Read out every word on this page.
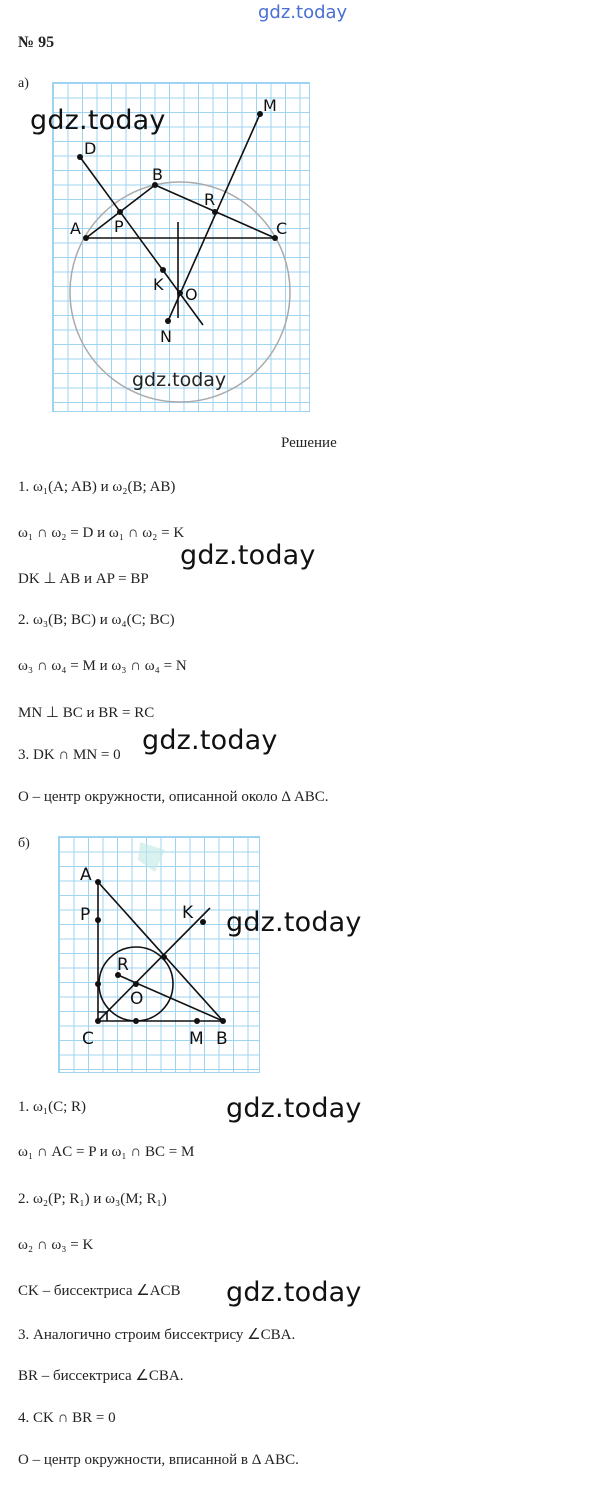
gdz.today
№ 95
а)
D
B
R
M
A P	C
K
O
N
gdz.today
gdz.today
Решение
1. ω₁(A; AB) и ω₂(B; AB)
ω₁ ∩ ω₂ = D и ω₁ ∩ ω₂ = K
DK ⊥ AB и AP = BP
2. ω₃(B; BC) и ω₄(C; BC)
ω₃ ∩ ω₄ = M и ω₃ ∩ ω₄ = N
MN ⊥ BC и BR = RC
3. DK ∩ MN = 0
O – центр окружности, описанной около Δ ABC.
gdz.today
gdz.today
б)
A
P	K
R
O
C	M B
gdz.today
1. ω₁(C; R)
ω₁ ∩ AC = P и ω₁ ∩ BC = M
2. ω₂(P; R₁) и ω₃(M; R₁)
ω₂ ∩ ω₃ = K
CK – биссектриса ∠ACB
3. Аналогично строим биссектрису ∠CBA.
BR – биссектриса ∠CBA.
4. CK ∩ BR = 0
O – центр окружности, вписанной в Δ ABC.
gdz.today
gdz.today
